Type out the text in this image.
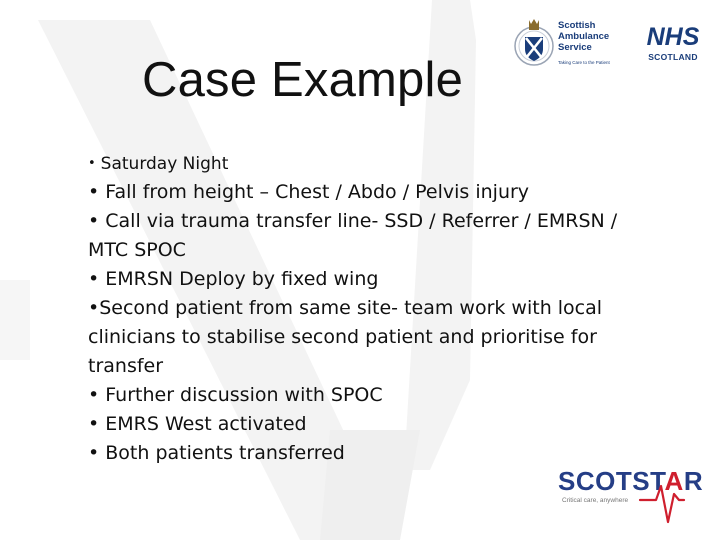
Case Example
• Saturday Night
• Fall from height – Chest / Abdo / Pelvis injury
• Call via trauma transfer line- SSD / Referrer / EMRSN /
MTC SPOC
• EMRSN Deploy by fixed wing
•Second patient from same site- team work with local
clinicians to stabilise second patient and prioritise for
transfer
• Further discussion with SPOC
• EMRS West activated
• Both patients transferred
Scottish
Ambulance
Service
Taking Care to the Patient
NHS
SCOTLAND
SCOTSTAR
Critical care, anywhere
